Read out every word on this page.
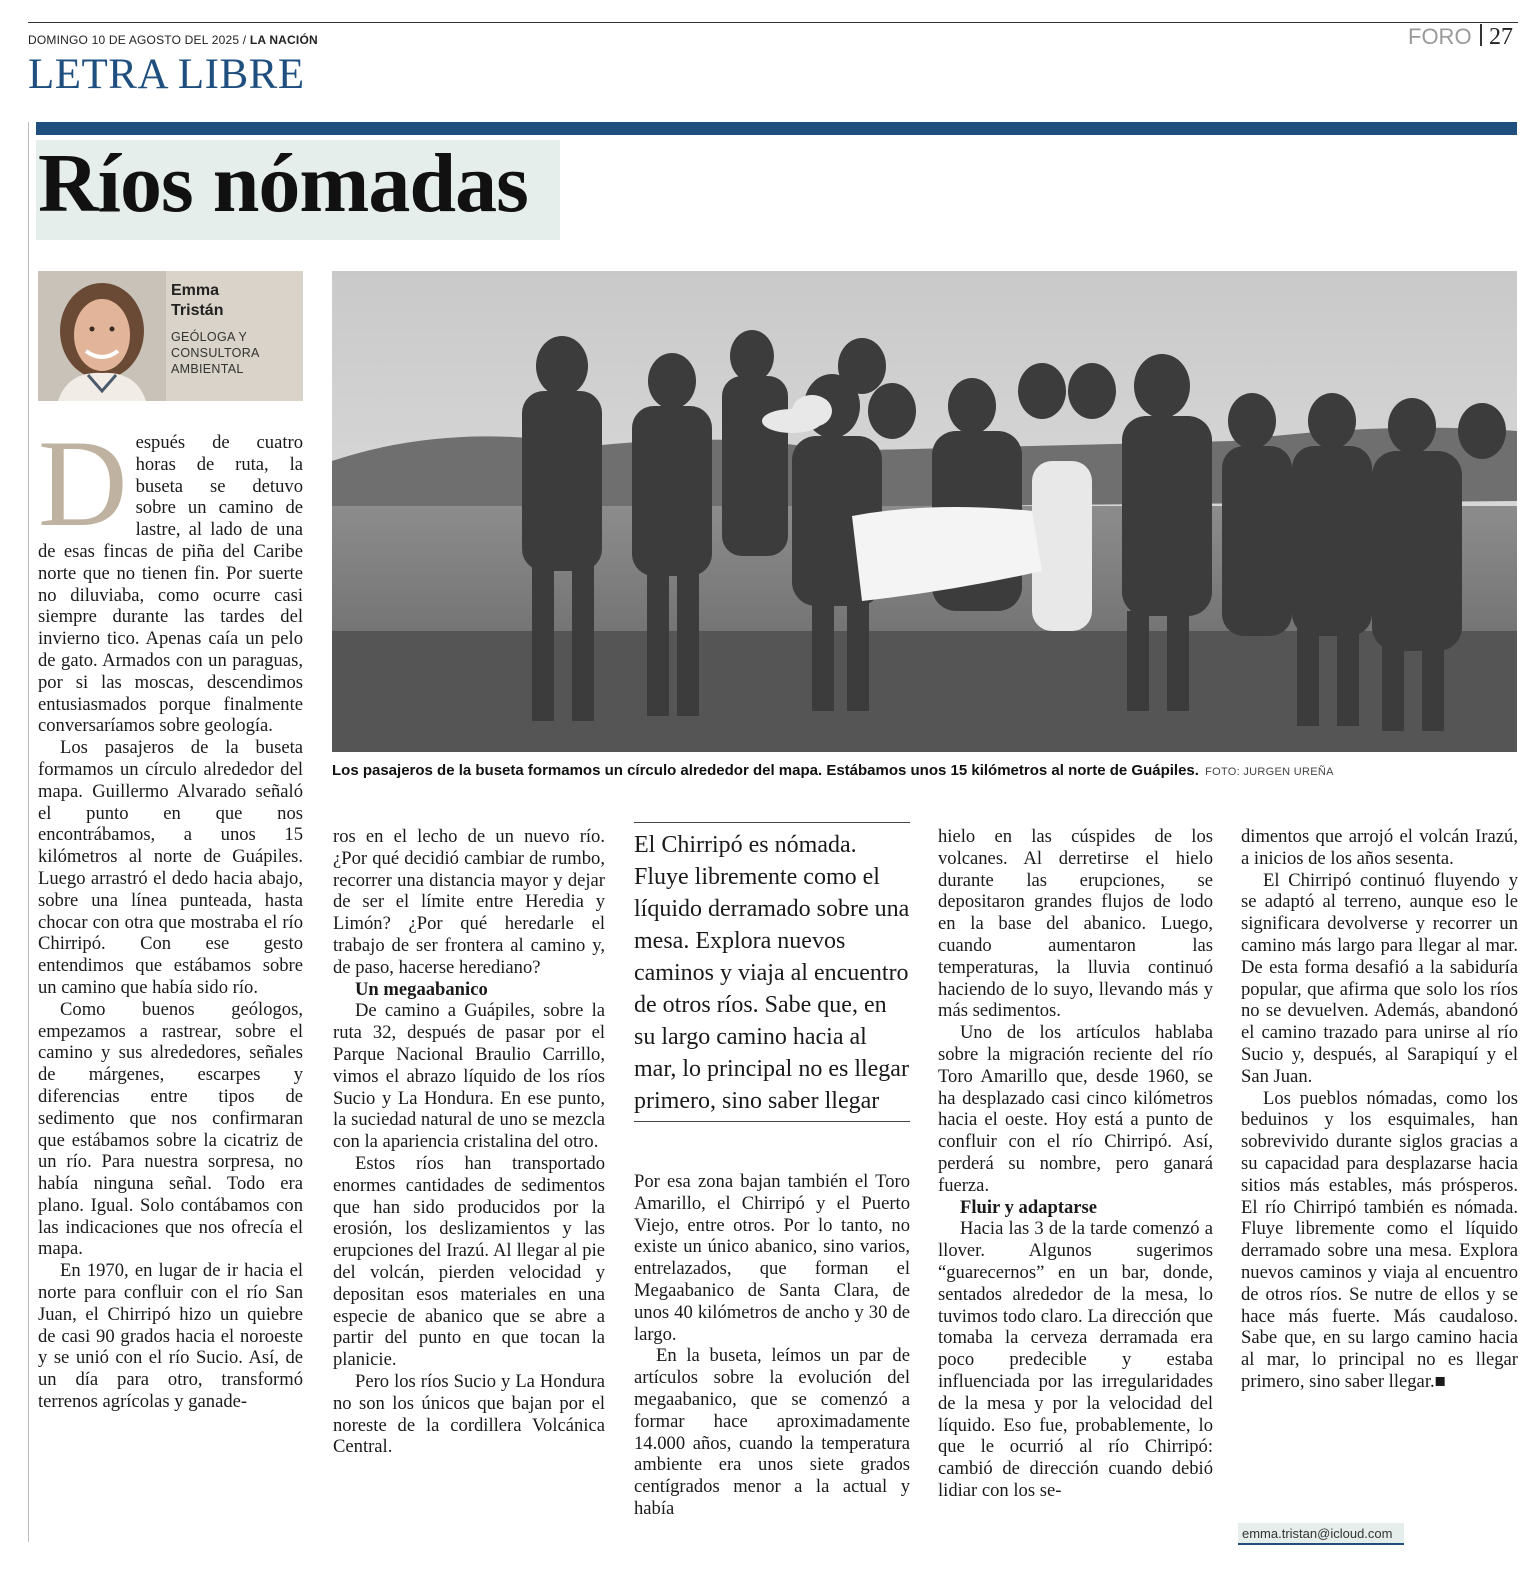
DOMINGO 10 DE AGOSTO DEL 2025 / LA NACIÓN	FORO 27
LETRA LIBRE
Ríos nómadas
Emma
Tristán
GEÓLOGA Y CONSULTORA AMBIENTAL
Los pasajeros de la buseta formamos un círculo alrededor del mapa. Estábamos unos 15 kilómetros al norte de Guápiles. FOTO: JURGEN UREÑA

Después de cuatro horas de ruta, la buseta se detuvo sobre un camino de lastre, al lado de una de esas fincas de piña del Caribe norte que no tienen fin. Por suerte no diluviaba, como ocurre casi siempre durante las tardes del invierno tico. Apenas caía un pelo de gato. Armados con un paraguas, por si las moscas, descendimos entusiasmados porque finalmente conversaríamos sobre geología.

Los pasajeros de la buseta formamos un círculo alrededor del mapa. Guillermo Alvarado señaló el punto en que nos encontrábamos, a unos 15 kilómetros al norte de Guápiles. Luego arrastró el dedo hacia abajo, sobre una línea punteada, hasta chocar con otra que mostraba el río Chirripó. Con ese gesto entendimos que estábamos sobre un camino que había sido río.

Como buenos geólogos, empezamos a rastrear, sobre el camino y sus alrededores, señales de márgenes, escarpes y diferencias entre tipos de sedimento que nos confirmaran que estábamos sobre la cicatriz de un río. Para nuestra sorpresa, no había ninguna señal. Todo era plano. Igual. Solo contábamos con las indicaciones que nos ofrecía el mapa.

En 1970, en lugar de ir hacia el norte para confluir con el río San Juan, el Chirripó hizo un quiebre de casi 90 grados hacia el noroeste y se unió con el río Sucio. Así, de un día para otro, transformó terrenos agrícolas y ganade-

ros en el lecho de un nuevo río. ¿Por qué decidió cambiar de rumbo, recorrer una distancia mayor y dejar de ser el límite entre Heredia y Limón? ¿Por qué heredarle el trabajo de ser frontera al camino y, de paso, hacerse herediano?

Un megaabanico

De camino a Guápiles, sobre la ruta 32, después de pasar por el Parque Nacional Braulio Carrillo, vimos el abrazo líquido de los ríos Sucio y La Hondura. En ese punto, la suciedad natural de uno se mezcla con la apariencia cristalina del otro.

Estos ríos han transportado enormes cantidades de sedimentos que han sido producidos por la erosión, los deslizamientos y las erupciones del Irazú. Al llegar al pie del volcán, pierden velocidad y depositan esos materiales en una especie de abanico que se abre a partir del punto en que tocan la planicie.

Pero los ríos Sucio y La Hondura no son los únicos que bajan por el noreste de la cordillera Volcánica Central.

El Chirripó es nómada. Fluye libremente como el líquido derramado sobre una mesa. Explora nuevos caminos y viaja al encuentro de otros ríos. Sabe que, en su largo camino hacia al mar, lo principal no es llegar primero, sino saber llegar

Por esa zona bajan también el Toro Amarillo, el Chirripó y el Puerto Viejo, entre otros. Por lo tanto, no existe un único abanico, sino varios, entrelazados, que forman el Megaabanico de Santa Clara, de unos 40 kilómetros de ancho y 30 de largo.

En la buseta, leímos un par de artículos sobre la evolución del megaabanico, que se comenzó a formar hace aproximadamente 14.000 años, cuando la temperatura ambiente era unos siete grados centígrados menor a la actual y había

hielo en las cúspides de los volcanes. Al derretirse el hielo durante las erupciones, se depositaron grandes flujos de lodo en la base del abanico. Luego, cuando aumentaron las temperaturas, la lluvia continuó haciendo de lo suyo, llevando más y más sedimentos.

Uno de los artículos hablaba sobre la migración reciente del río Toro Amarillo que, desde 1960, se ha desplazado casi cinco kilómetros hacia el oeste. Hoy está a punto de confluir con el río Chirripó. Así, perderá su nombre, pero ganará fuerza.

Fluir y adaptarse

Hacia las 3 de la tarde comenzó a llover. Algunos sugerimos “guarecernos” en un bar, donde, sentados alrededor de la mesa, lo tuvimos todo claro. La dirección que tomaba la cerveza derramada era poco predecible y estaba influenciada por las irregularidades de la mesa y por la velocidad del líquido. Eso fue, probablemente, lo que le ocurrió al río Chirripó: cambió de dirección cuando debió lidiar con los se-

dimentos que arrojó el volcán Irazú, a inicios de los años sesenta.

El Chirripó continuó fluyendo y se adaptó al terreno, aunque eso le significara devolverse y recorrer un camino más largo para llegar al mar. De esta forma desafió a la sabiduría popular, que afirma que solo los ríos no se devuelven. Además, abandonó el camino trazado para unirse al río Sucio y, después, al Sarapiquí y el San Juan.

Los pueblos nómadas, como los beduinos y los esquimales, han sobrevivido durante siglos gracias a su capacidad para desplazarse hacia sitios más estables, más prósperos. El río Chirripó también es nómada. Fluye libremente como el líquido derramado sobre una mesa. Explora nuevos caminos y viaja al encuentro de otros ríos. Se nutre de ellos y se hace más fuerte. Más caudaloso. Sabe que, en su largo camino hacia al mar, lo principal no es llegar primero, sino saber llegar.■

emma.tristan@icloud.com
